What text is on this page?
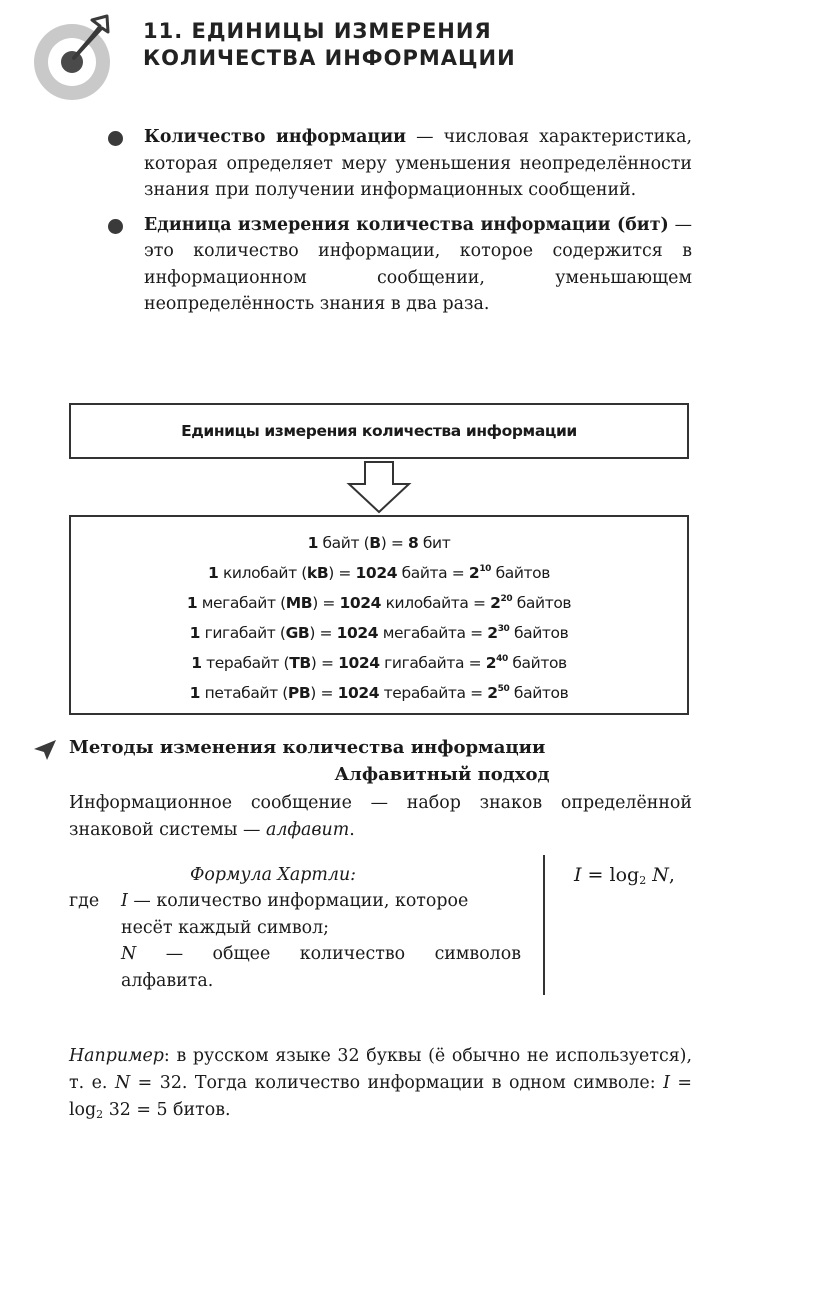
11. ЕДИНИЦЫ ИЗМЕРЕНИЯ
КОЛИЧЕСТВА ИНФОРМАЦИИ
Количество информации — числовая характеристика, которая определяет меру уменьшения неопределённости знания при получении информационных сообщений.
Единица измерения количества информации (бит) — это количество информации, которое содержится в информационном сообщении, уменьшающем неопределённость знания в два раза.
Единицы измерения количества информации
1 байт (B) = 8 бит
1 килобайт (kB) = 1024 байта = $2^{10}$ байтов
1 мегабайт (MB) = 1024 килобайта = $2^{20}$ байтов
1 гигабайт (GB) = 1024 мегабайта = $2^{30}$ байтов
1 терабайт (TB) = 1024 гигабайта = $2^{40}$ байтов
1 петабайт (PB) = 1024 терабайта = $2^{50}$ байтов
Методы изменения количества информации
Алфавитный подход
Информационное сообщение — набор знаков определённой знаковой системы — алфавит.
Формула Хартли:
где I — количество информации, которое несёт каждый символ;
N — общее количество символов алфавита.
$I = \log_2 N$,
Например: в русском языке 32 буквы (ё обычно не используется), т. е. N = 32. Тогда количество информации в одном символе: $I = \log_2 32 = 5$ битов.
